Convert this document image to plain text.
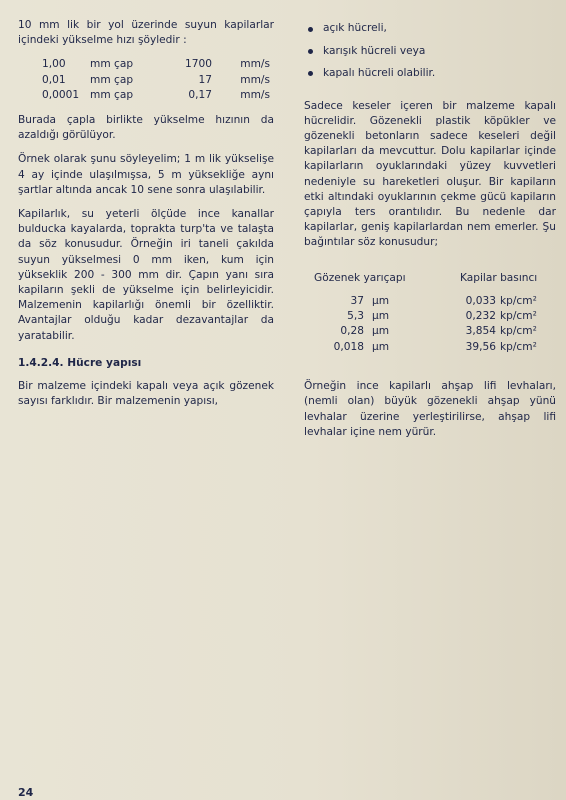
10 mm lik bir yol üzerinde suyun kapilarlar içindeki yükselme hızı şöyledir :

1,00	mm çap	1700	mm/s
0,01	mm çap	17	mm/s
0,0001	mm çap	0,17	mm/s

Burada çapla birlikte yükselme hızının da azaldığı görülüyor.

Örnek olarak şunu söyleyelim; 1 m lik yükselişe 4 ay içinde ulaşılmışsa, 5 m yüksekliğe aynı şartlar altında ancak 10 sene sonra ulaşılabilir.

Kapilarlık, su yeterli ölçüde ince kanallar bulducka kayalarda, toprakta turp'ta ve talaşta da söz konusudur. Örneğin iri taneli çakılda suyun yükselmesi 0 mm iken, kum için yükseklik 200 - 300 mm dir. Çapın yanı sıra kapiların şekli de yükselme için belirleyicidir. Malzemenin kapilarlığı önemli bir özelliktir. Avantajlar olduğu kadar dezavantajlar da yaratabilir.

1.4.2.4. Hücre yapısı

Bir malzeme içindeki kapalı veya açık gözenek sayısı farklıdır. Bir malzemenin yapısı,

açık hücreli,
karışık hücreli veya
kapalı hücreli olabilir.

Sadece keseler içeren bir malzeme kapalı hücrelidir. Gözenekli plastik köpükler ve gözenekli betonların sadece keseleri değil kapilarları da mevcuttur. Dolu kapilarlar içinde kapilarların oyuklarındaki yüzey kuvvetleri nedeniyle su hareketleri oluşur. Bir kapiların etki altındaki oyuklarının çekme gücü kapiların çapıyla ters orantılıdır. Bu nedenle dar kapilarlar, geniş kapilarlardan nem emerler. Şu bağıntılar söz konusudur;

Gözenek yarıçapı	Kapilar basıncı
37 µm	0,033 kp/cm²
5,3 µm	0,232 kp/cm²
0,28 µm	3,854 kp/cm²
0,018 µm	39,56 kp/cm²

Örneğin ince kapilarlı ahşap lifi levhaları, (nemli olan) büyük gözenekli ahşap yünü levhalar üzerine yerleştirilirse, ahşap lifi levhalar içine nem yürür.

24
